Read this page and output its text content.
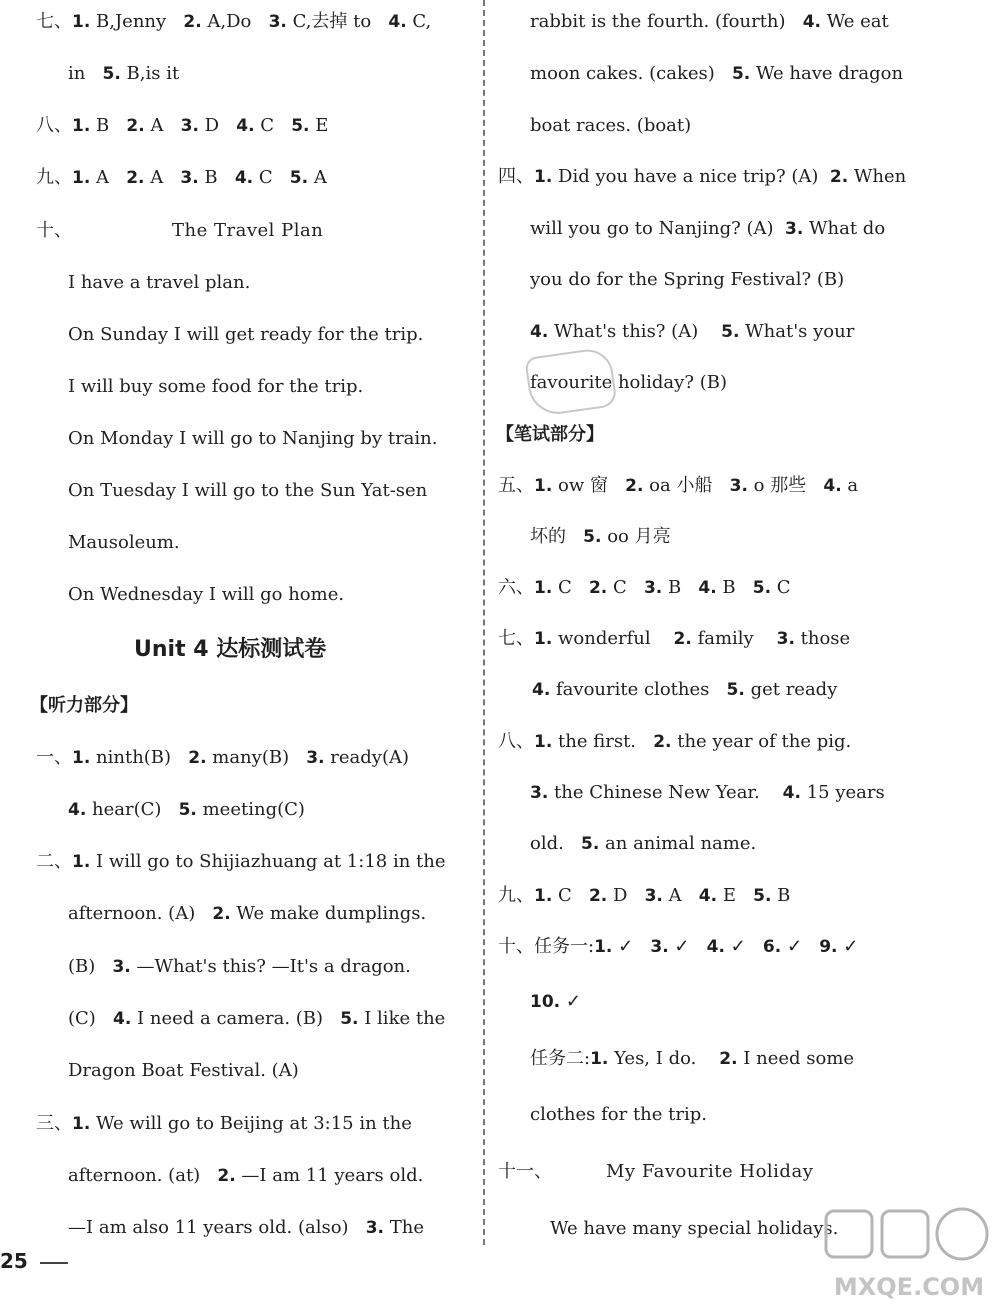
七、1. B,Jenny 2. A,Do 3. C,去掉 to 4. C,
in 5. B,is it
八、1. B 2. A 3. D 4. C 5. E
九、1. A 2. A 3. B 4. C 5. A
十、	The Travel Plan
I have a travel plan.
On Sunday I will get ready for the trip.
I will buy some food for the trip.
On Monday I will go to Nanjing by train.
On Tuesday I will go to the Sun Yat-sen
Mausoleum.
On Wednesday I will go home.
Unit 4 达标测试卷
【听力部分】
一、1. ninth(B) 2. many(B) 3. ready(A)
4. hear(C) 5. meeting(C)
二、1. I will go to Shijiazhuang at 1:18 in the
afternoon. (A) 2. We make dumplings.
(B) 3. —What's this? —It's a dragon.
(C) 4. I need a camera. (B) 5. I like the
Dragon Boat Festival. (A)
三、1. We will go to Beijing at 3:15 in the
afternoon. (at) 2. —I am 11 years old.
—I am also 11 years old. (also) 3. The
25
rabbit is the fourth. (fourth) 4. We eat
moon cakes. (cakes) 5. We have dragon
boat races. (boat)
四、1. Did you have a nice trip? (A) 2. When
will you go to Nanjing? (A) 3. What do
you do for the Spring Festival? (B)
4. What's this? (A) 5. What's your
favourite holiday? (B)
【笔试部分】
五、1. ow 窗 2. oa 小船 3. o 那些 4. a
坏的 5. oo 月亮
六、1. C 2. C 3. B 4. B 5. C
七、1. wonderful 2. family 3. those
4. favourite clothes 5. get ready
八、1. the first. 2. the year of the pig.
3. the Chinese New Year. 4. 15 years
old. 5. an animal name.
九、1. C 2. D 3. A 4. E 5. B
十、任务一:1. ✓ 3. ✓ 4. ✓ 6. ✓ 9. ✓
10. ✓
任务二:1. Yes, I do. 2. I need some
clothes for the trip.
十一、	My Favourite Holiday
We have many special holidays.
MXQE.COM
